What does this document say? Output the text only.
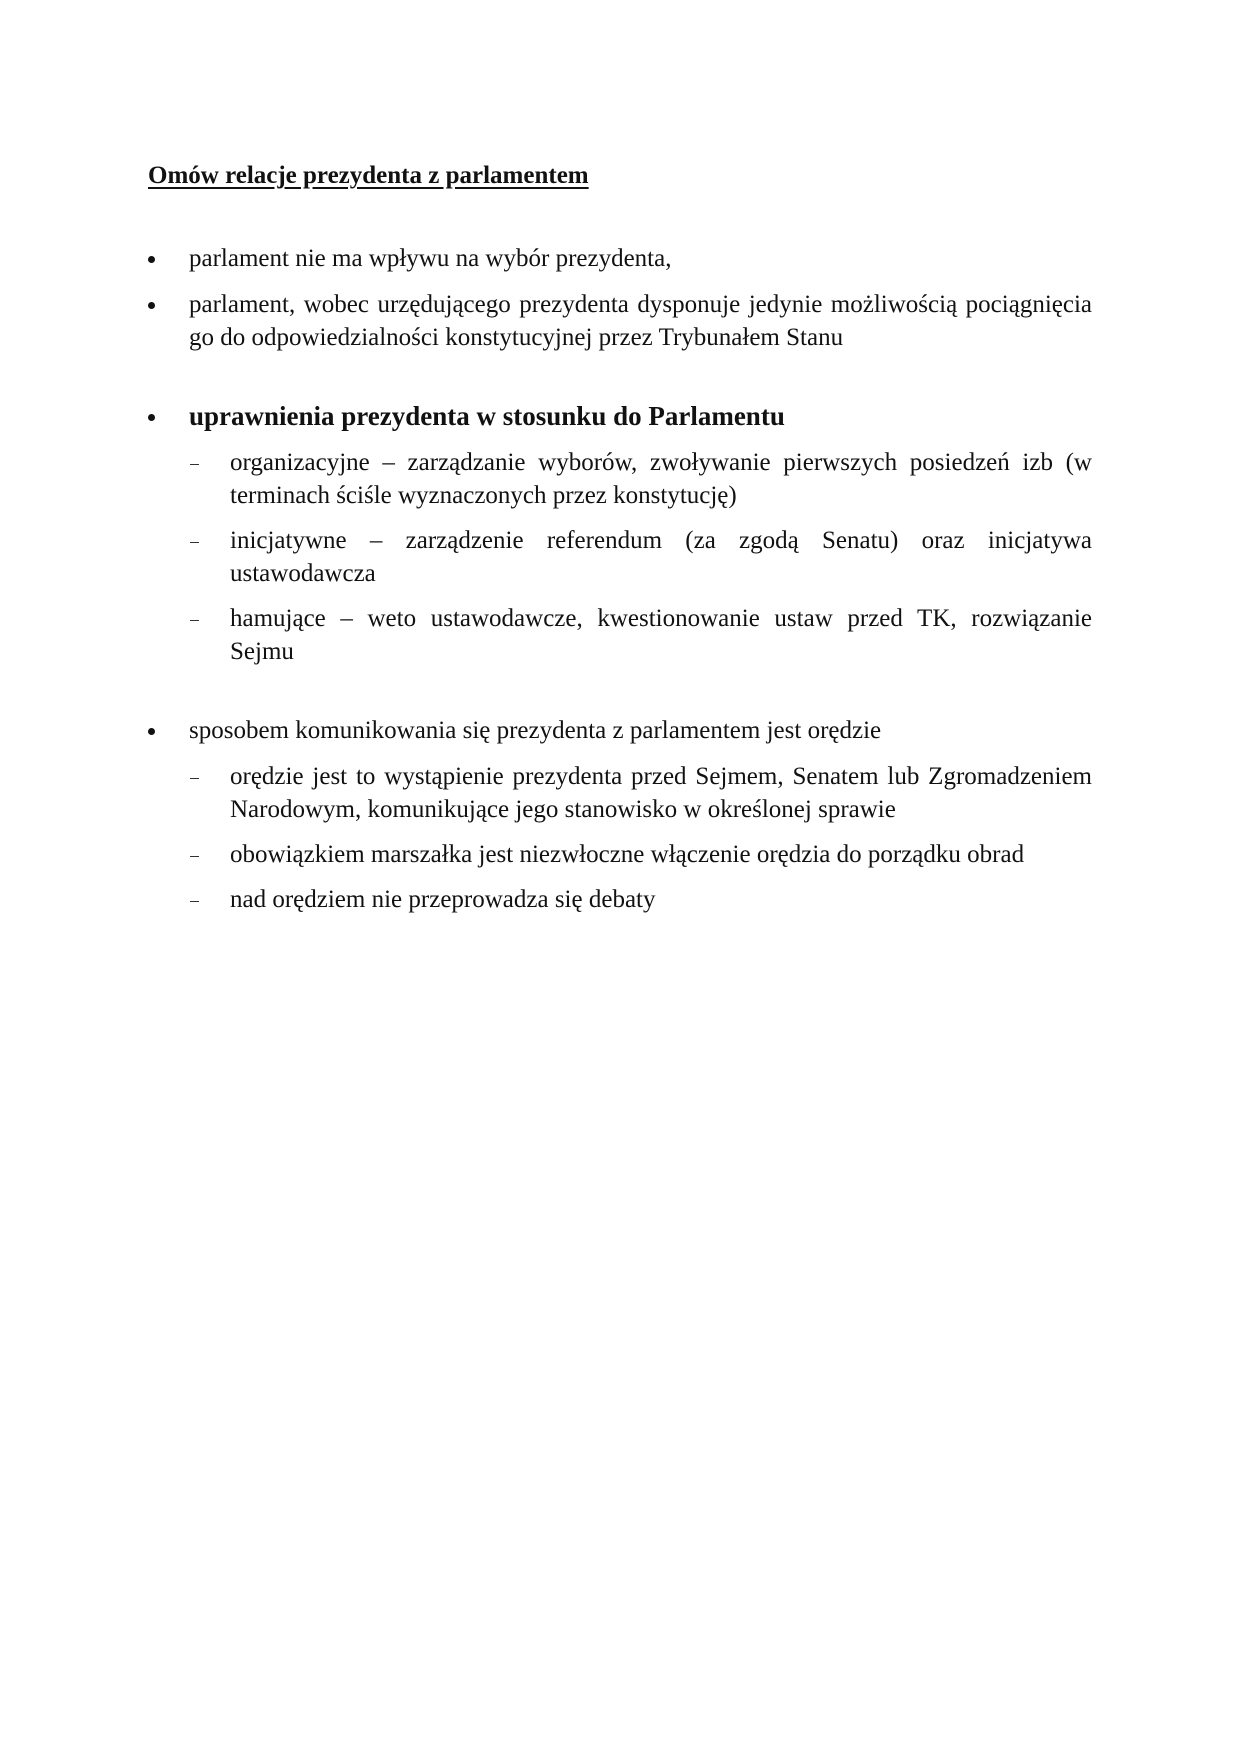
Omów relacje prezydenta z parlamentem
parlament nie ma wpływu na wybór prezydenta,
parlament, wobec urzędującego prezydenta dysponuje jedynie możliwością pociągnięcia go do odpowiedzialności konstytucyjnej przez Trybunałem Stanu
uprawnienia prezydenta w stosunku do Parlamentu
organizacyjne – zarządzanie wyborów, zwoływanie pierwszych posiedzeń izb (w terminach ściśle wyznaczonych przez konstytucję)
inicjatywne – zarządzenie referendum (za zgodą Senatu) oraz inicjatywa ustawodawcza
hamujące – weto ustawodawcze, kwestionowanie ustaw przed TK, rozwiązanie Sejmu
sposobem komunikowania się prezydenta z parlamentem jest orędzie
orędzie jest to wystąpienie prezydenta przed Sejmem, Senatem lub Zgromadzeniem Narodowym, komunikujące jego stanowisko w określonej sprawie
obowiązkiem marszałka jest niezwłoczne włączenie orędzia do porządku obrad
nad orędziem nie przeprowadza się debaty
